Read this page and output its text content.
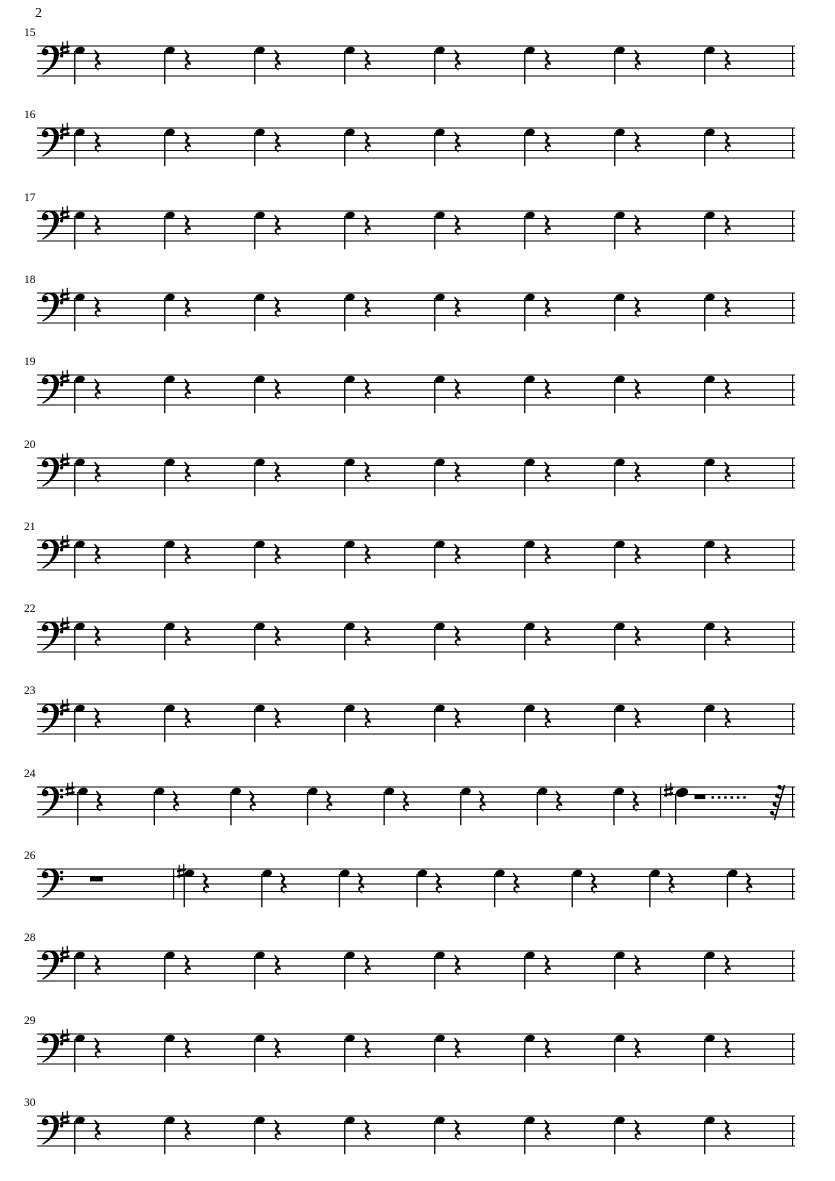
2
15
16
17
18
19
20
21
22
23
24
26
28
29
30
